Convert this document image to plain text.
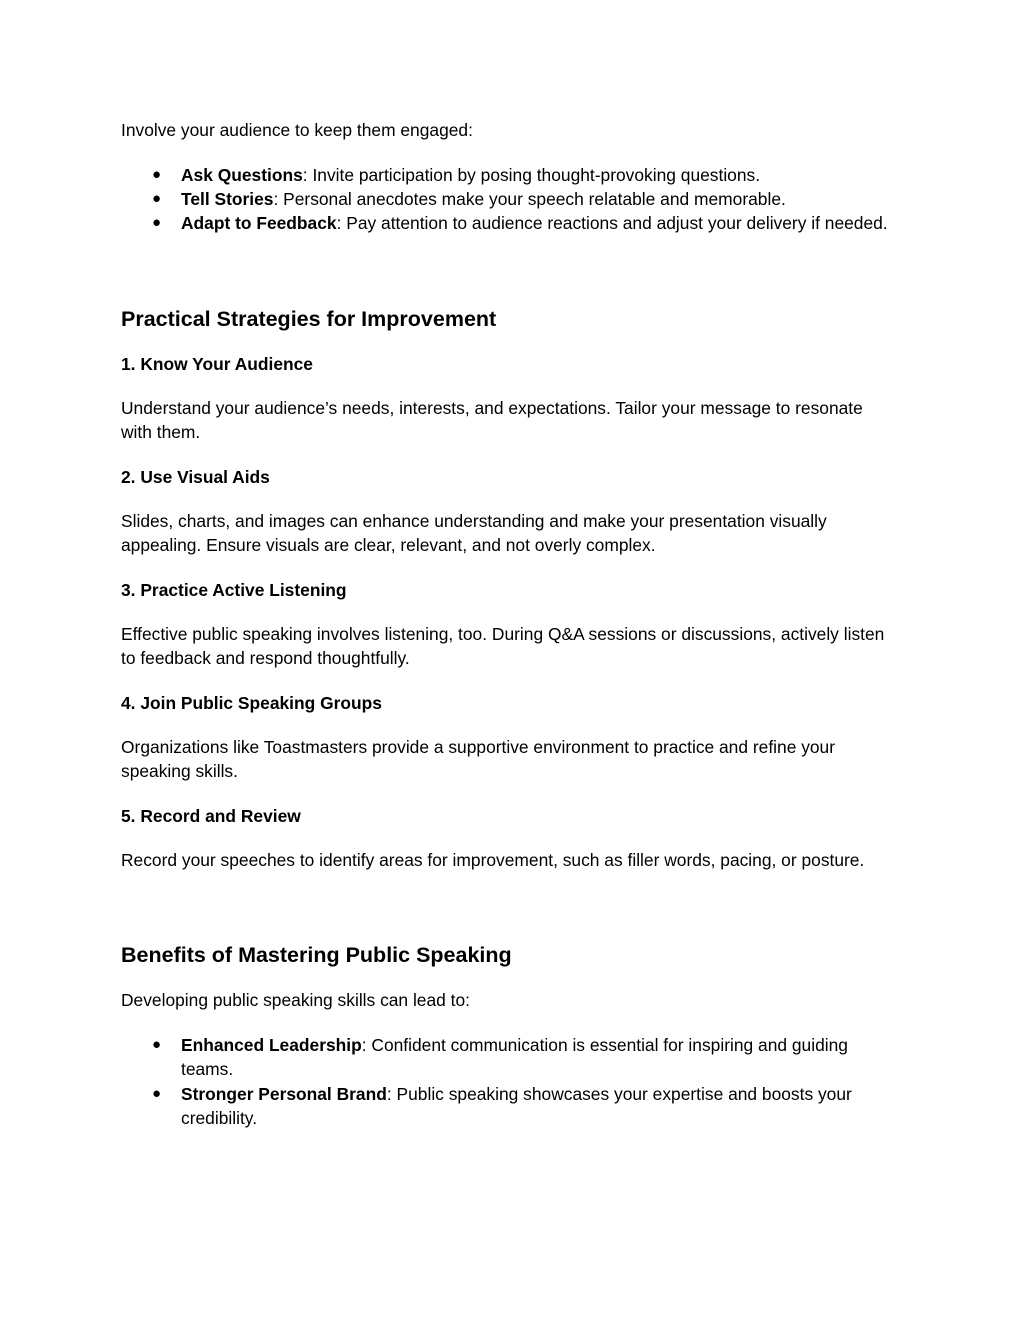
Involve your audience to keep them engaged:

● Ask Questions: Invite participation by posing thought-provoking questions.
● Tell Stories: Personal anecdotes make your speech relatable and memorable.
● Adapt to Feedback: Pay attention to audience reactions and adjust your delivery if needed.
Practical Strategies for Improvement
1. Know Your Audience

Understand your audience’s needs, interests, and expectations. Tailor your message to resonate with them.

2. Use Visual Aids

Slides, charts, and images can enhance understanding and make your presentation visually appealing. Ensure visuals are clear, relevant, and not overly complex.

3. Practice Active Listening

Effective public speaking involves listening, too. During Q&A sessions or discussions, actively listen to feedback and respond thoughtfully.

4. Join Public Speaking Groups

Organizations like Toastmasters provide a supportive environment to practice and refine your speaking skills.

5. Record and Review

Record your speeches to identify areas for improvement, such as filler words, pacing, or posture.

Benefits of Mastering Public Speaking

Developing public speaking skills can lead to:

● Enhanced Leadership: Confident communication is essential for inspiring and guiding teams.
● Stronger Personal Brand: Public speaking showcases your expertise and boosts your credibility.
